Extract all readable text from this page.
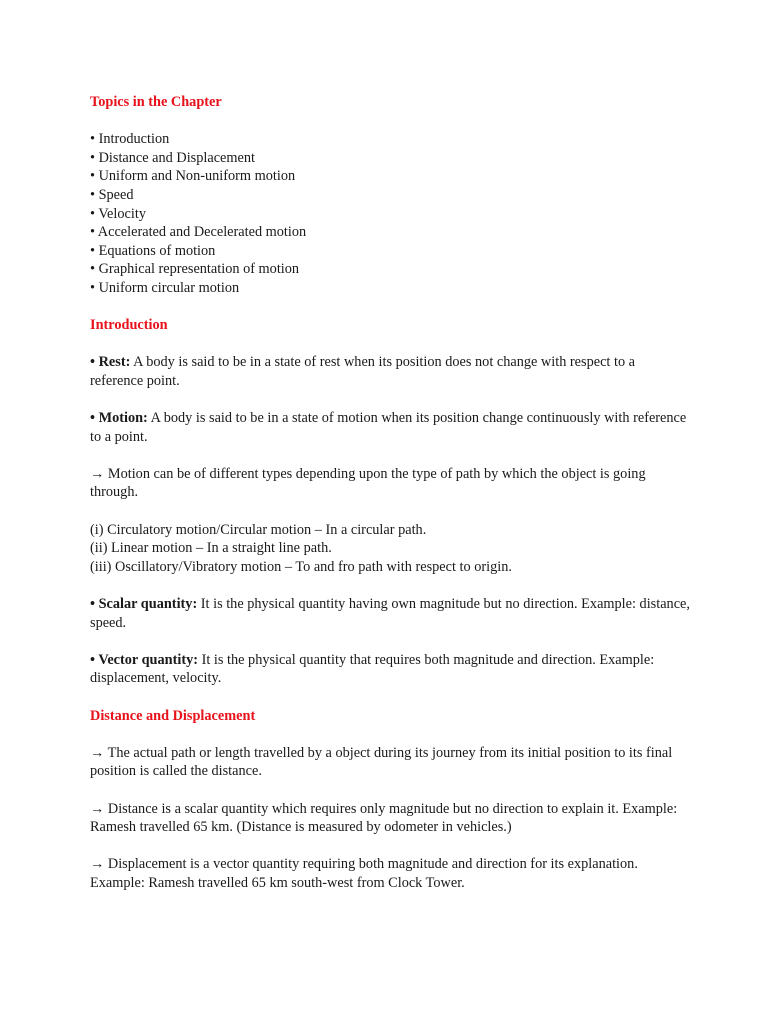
Topics in the Chapter

• Introduction
• Distance and Displacement
• Uniform and Non-uniform motion
• Speed
• Velocity
• Accelerated and Decelerated motion
• Equations of motion
• Graphical representation of motion
• Uniform circular motion

Introduction

• Rest: A body is said to be in a state of rest when its position does not change with respect to a reference point.

• Motion: A body is said to be in a state of motion when its position change continuously with reference to a point.

→ Motion can be of different types depending upon the type of path by which the object is going through.

(i) Circulatory motion/Circular motion – In a circular path.

(ii) Linear motion – In a straight line path.

(iii) Oscillatory/Vibratory motion – To and fro path with respect to origin.

• Scalar quantity: It is the physical quantity having own magnitude but no direction. Example: distance, speed.

• Vector quantity: It is the physical quantity that requires both magnitude and direction. Example: displacement, velocity.

Distance and Displacement

→ The actual path or length travelled by a object during its journey from its initial position to its final position is called the distance.

→ Distance is a scalar quantity which requires only magnitude but no direction to explain it. Example: Ramesh travelled 65 km. (Distance is measured by odometer in vehicles.)

→ Displacement is a vector quantity requiring both magnitude and direction for its explanation. Example: Ramesh travelled 65 km south-west from Clock Tower.
